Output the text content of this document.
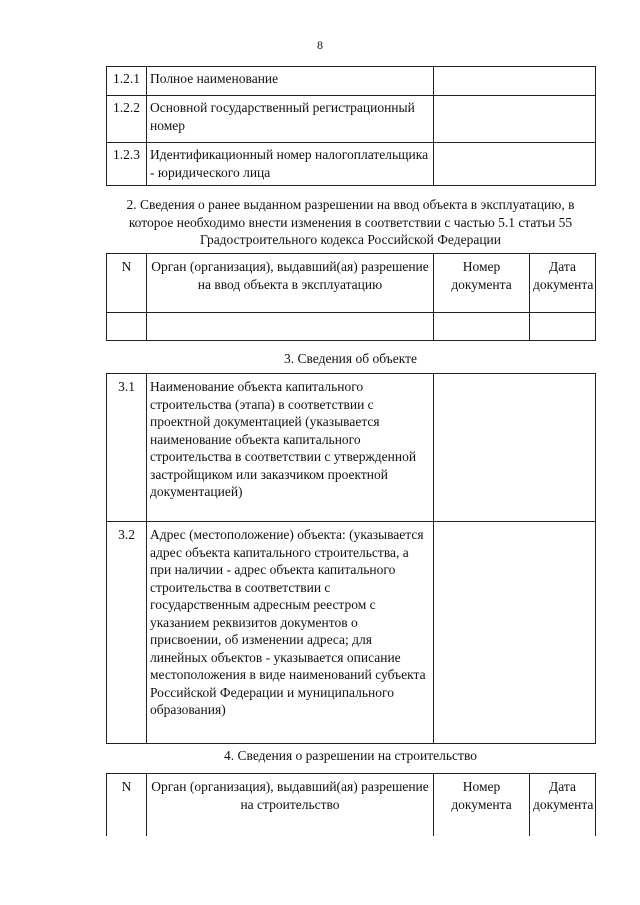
8
1.2.1	Полное наименование	
1.2.2	Основной государственный регистрационный номер	
1.2.3	Идентификационный номер налогоплательщика - юридического лица	
2. Сведения о ранее выданном разрешении на ввод объекта в эксплуатацию, в которое необходимо внести изменения в соответствии с частью 5.1 статьи 55 Градостроительного кодекса Российской Федерации
N	Орган (организация), выдавший(ая) разрешение на ввод объекта в эксплуатацию	Номер документа	Дата документа

3. Сведения об объекте
3.1	Наименование объекта капитального строительства (этапа) в соответствии с проектной документацией (указывается наименование объекта капитального строительства в соответствии с утвержденной застройщиком или заказчиком проектной документацией)	
3.2	Адрес (местоположение) объекта: (указывается адрес объекта капитального строительства, а при наличии - адрес объекта капитального строительства в соответствии с государственным адресным реестром с указанием реквизитов документов о присвоении, об изменении адреса; для линейных объектов - указывается описание местоположения в виде наименований субъекта Российской Федерации и муниципального образования)	
4. Сведения о разрешении на строительство
N	Орган (организация), выдавший(ая) разрешение на строительство	Номер документа	Дата документа
